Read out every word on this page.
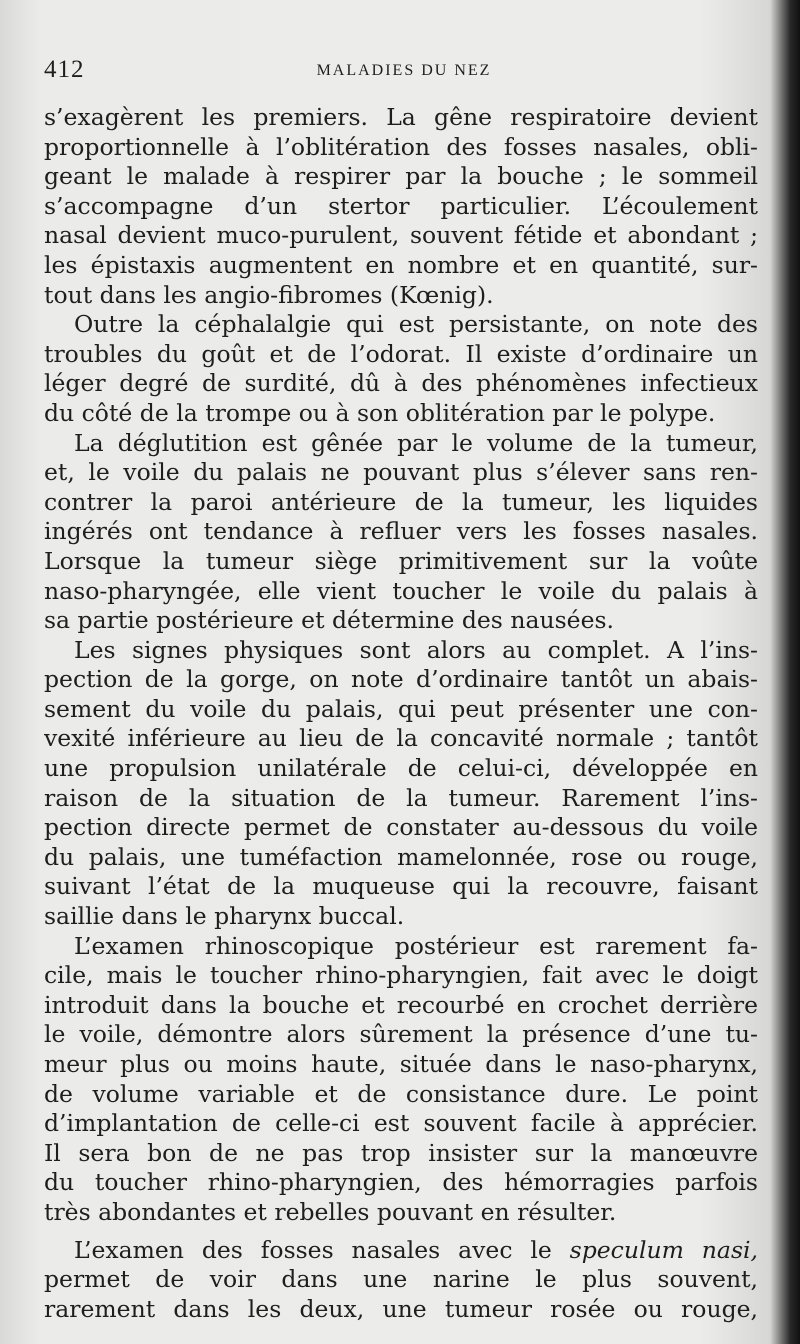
412	MALADIES DU NEZ
s’exagèrent les premiers. La gêne respiratoire devient
proportionnelle à l’oblitération des fosses nasales, obli-
geant le malade à respirer par la bouche ; le sommeil
s’accompagne d’un stertor particulier. L’écoulement
nasal devient muco-purulent, souvent fétide et abondant ;
les épistaxis augmentent en nombre et en quantité, sur-
tout dans les angio-fibromes (Kœnig).
Outre la céphalalgie qui est persistante, on note des
troubles du goût et de l’odorat. Il existe d’ordinaire un
léger degré de surdité, dû à des phénomènes infectieux
du côté de la trompe ou à son oblitération par le polype.
La déglutition est gênée par le volume de la tumeur,
et, le voile du palais ne pouvant plus s’élever sans ren-
contrer la paroi antérieure de la tumeur, les liquides
ingérés ont tendance à refluer vers les fosses nasales.
Lorsque la tumeur siège primitivement sur la voûte
naso-pharyngée, elle vient toucher le voile du palais à
sa partie postérieure et détermine des nausées.
Les signes physiques sont alors au complet. A l’ins-
pection de la gorge, on note d’ordinaire tantôt un abais-
sement du voile du palais, qui peut présenter une con-
vexité inférieure au lieu de la concavité normale ; tantôt
une propulsion unilatérale de celui-ci, développée en
raison de la situation de la tumeur. Rarement l’ins-
pection directe permet de constater au-dessous du voile
du palais, une tuméfaction mamelonnée, rose ou rouge,
suivant l’état de la muqueuse qui la recouvre, faisant
saillie dans le pharynx buccal.
L’examen rhinoscopique postérieur est rarement fa-
cile, mais le toucher rhino-pharyngien, fait avec le doigt
introduit dans la bouche et recourbé en crochet derrière
le voile, démontre alors sûrement la présence d’une tu-
meur plus ou moins haute, située dans le naso-pharynx,
de volume variable et de consistance dure. Le point
d’implantation de celle-ci est souvent facile à apprécier.
Il sera bon de ne pas trop insister sur la manœuvre
du toucher rhino-pharyngien, des hémorragies parfois
très abondantes et rebelles pouvant en résulter.
L’examen des fosses nasales avec le speculum nasi,
permet de voir dans une narine le plus souvent,
rarement dans les deux, une tumeur rosée ou rouge,
